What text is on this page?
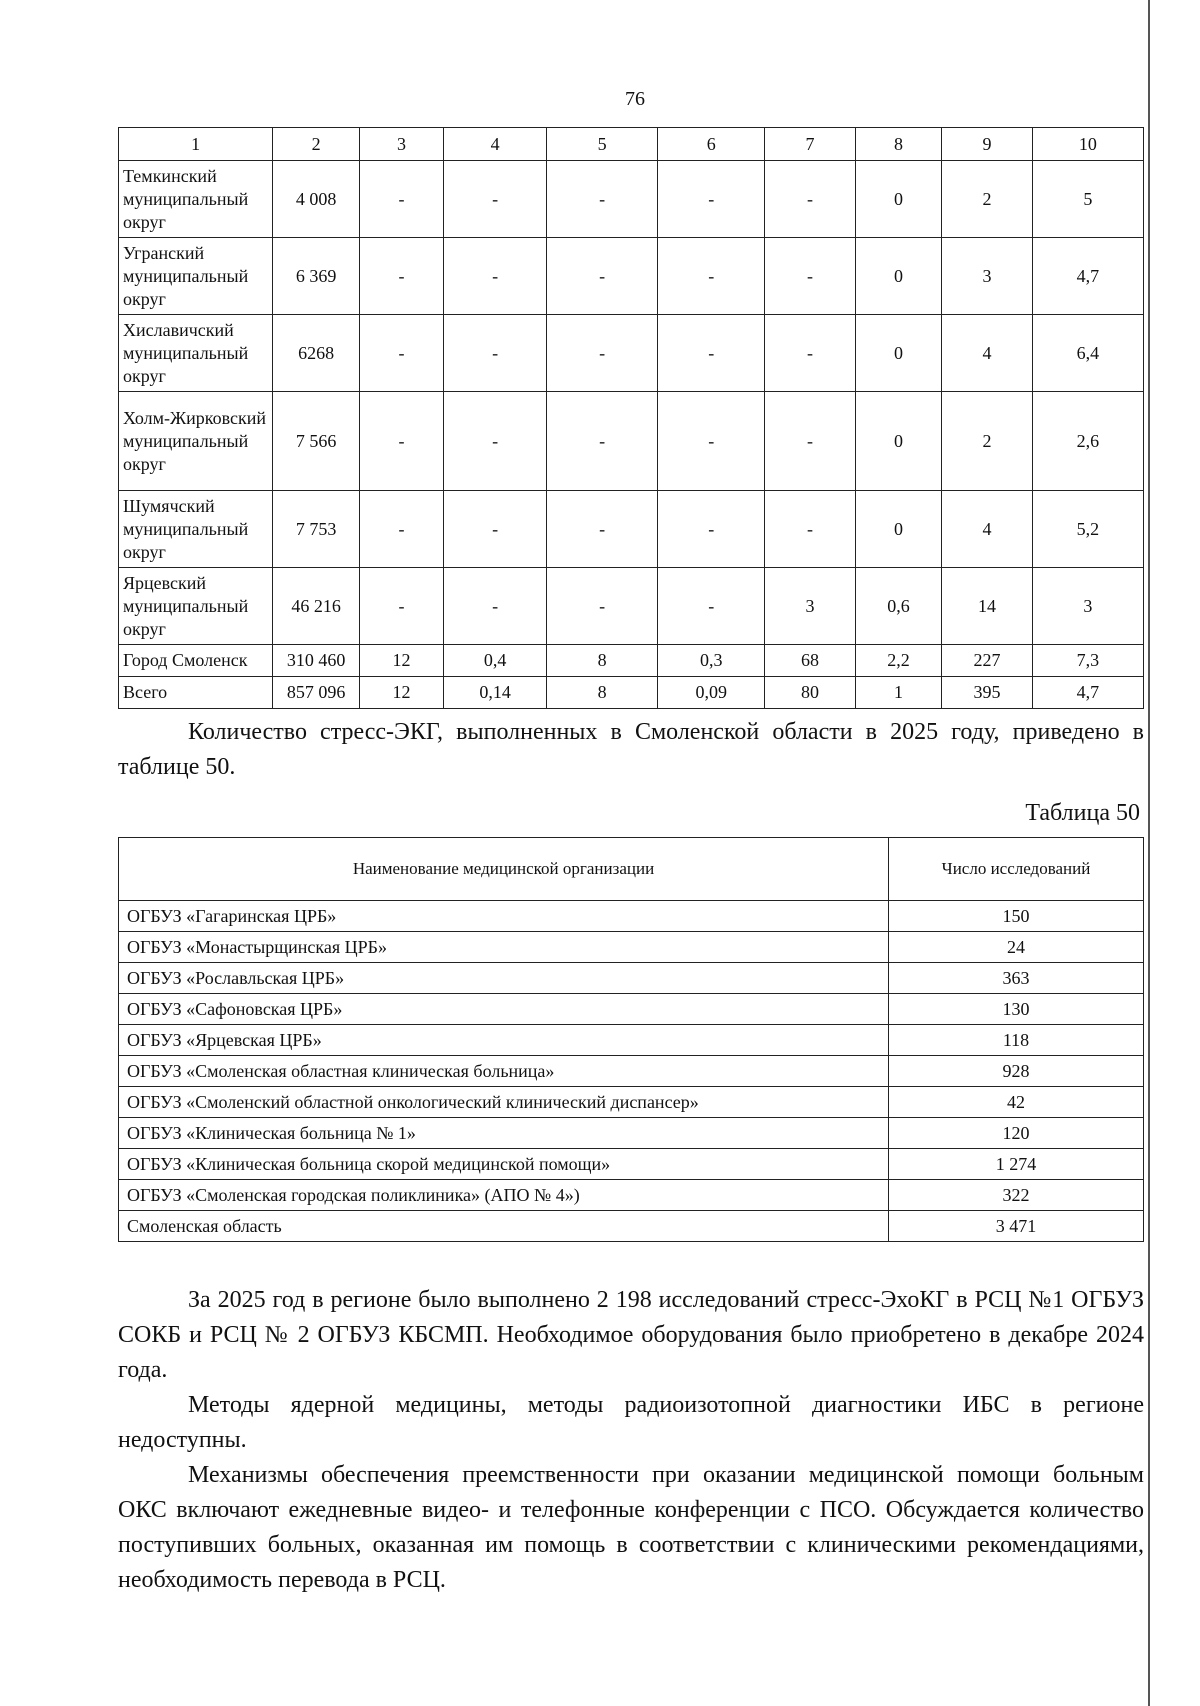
76
1	2	3	4	5	6	7	8	9	10
Темкинский муниципальный округ	4 008	-	-	-	-	-	0	2	5
Угранский муниципальный округ	6 369	-	-	-	-	-	0	3	4,7
Хиславичский муниципальный округ	6268	-	-	-	-	-	0	4	6,4
Холм-Жирковский муниципальный округ	7 566	-	-	-	-	-	0	2	2,6
Шумячский муниципальный округ	7 753	-	-	-	-	-	0	4	5,2
Ярцевский муниципальный округ	46 216	-	-	-	-	3	0,6	14	3
Город Смоленск	310 460	12	0,4	8	0,3	68	2,2	227	7,3
Всего	857 096	12	0,14	8	0,09	80	1	395	4,7
Количество стресс-ЭКГ, выполненных в Смоленской области в 2025 году, приведено в таблице 50.
Таблица 50
Наименование медицинской организации	Число исследований
ОГБУЗ «Гагаринская ЦРБ»	150
ОГБУЗ «Монастырщинская ЦРБ»	24
ОГБУЗ «Рославльская ЦРБ»	363
ОГБУЗ «Сафоновская ЦРБ»	130
ОГБУЗ «Ярцевская ЦРБ»	118
ОГБУЗ «Смоленская областная клиническая больница»	928
ОГБУЗ «Смоленский областной онкологический клинический диспансер»	42
ОГБУЗ «Клиническая больница № 1»	120
ОГБУЗ «Клиническая больница скорой медицинской помощи»	1 274
ОГБУЗ «Смоленская городская поликлиника» (АПО № 4»)	322
Смоленская область	3 471

За 2025 год в регионе было выполнено 2 198 исследований стресс-ЭхоКГ в РСЦ №1 ОГБУЗ СОКБ и РСЦ № 2 ОГБУЗ КБСМП. Необходимое оборудования было приобретено в декабре 2024 года.

Методы ядерной медицины, методы радиоизотопной диагностики ИБС в регионе недоступны.

Механизмы обеспечения преемственности при оказании медицинской помощи больным ОКС включают ежедневные видео- и телефонные конференции с ПСО. Обсуждается количество поступивших больных, оказанная им помощь в соответствии с клиническими рекомендациями, необходимость перевода в РСЦ.
